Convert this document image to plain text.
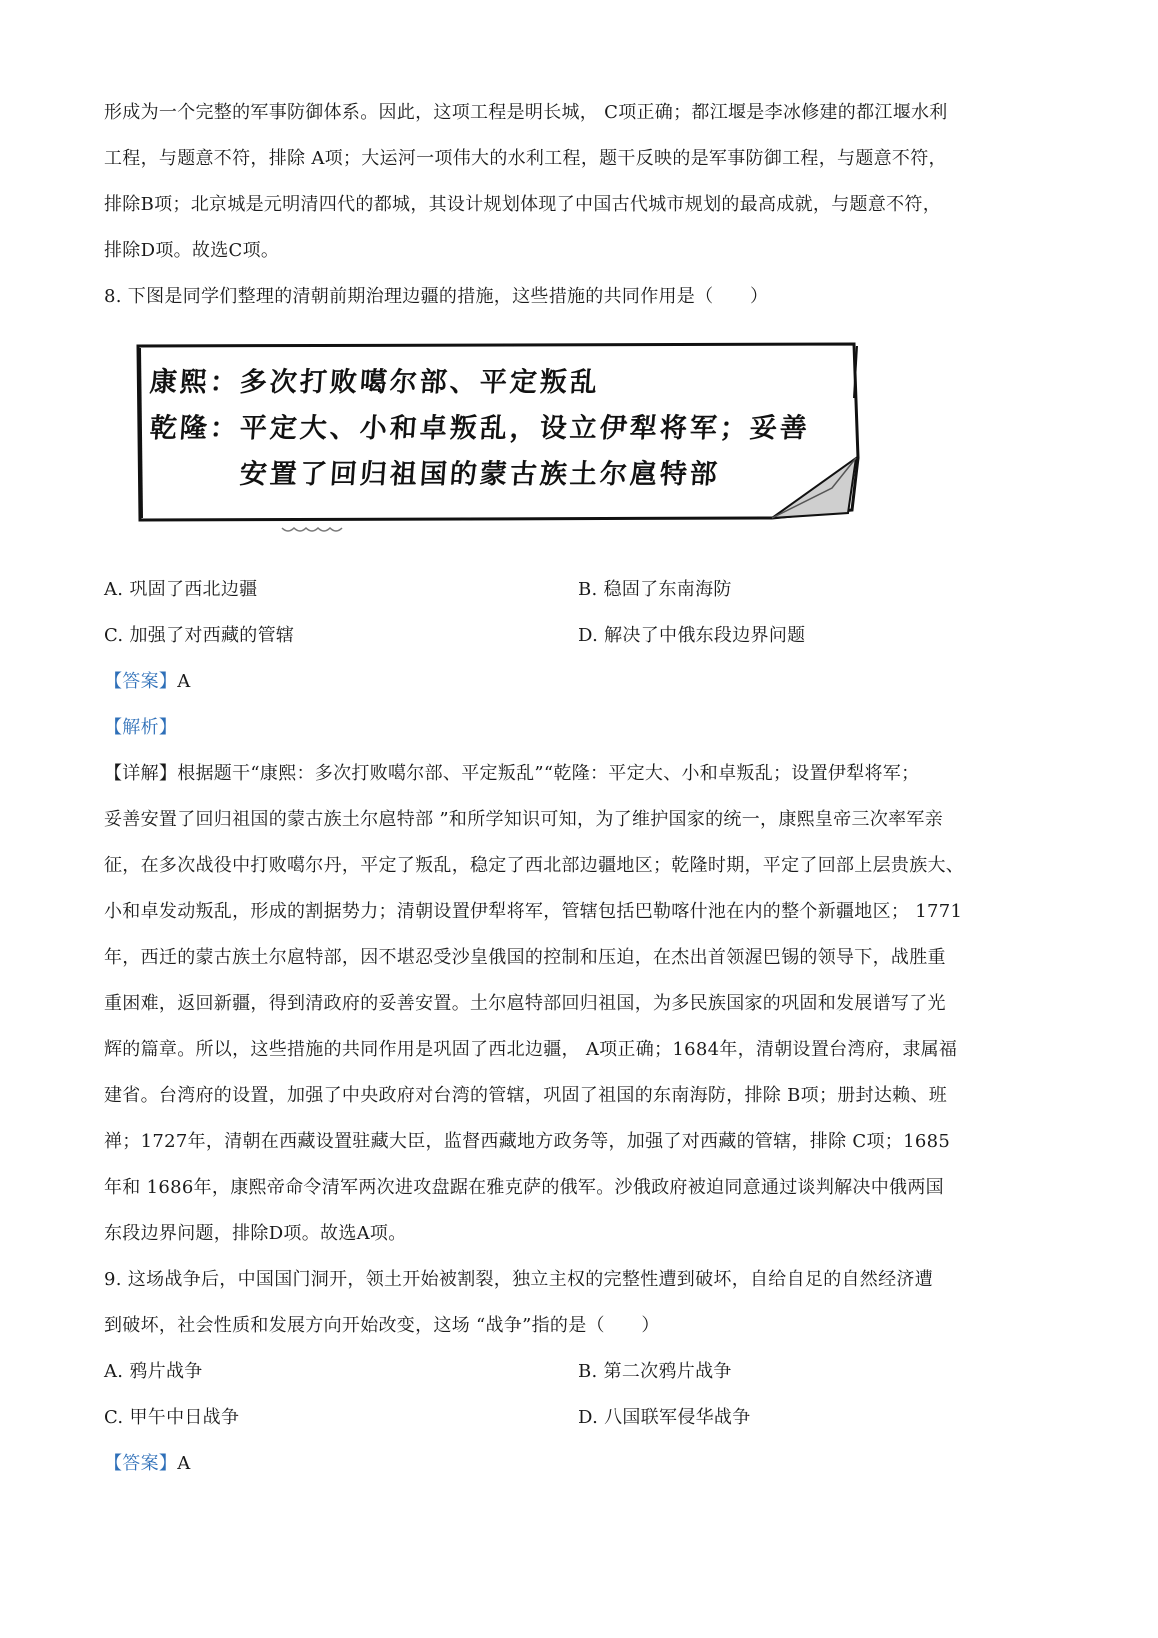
形成为一个完整的军事防御体系。因此，这项工程是明长城， C项正确；都江堰是李冰修建的都江堰水利
工程，与题意不符，排除 A项；大运河一项伟大的水利工程，题干反映的是军事防御工程，与题意不符，
排除B项；北京城是元明清四代的都城，其设计规划体现了中国古代城市规划的最高成就，与题意不符，
排除D项。故选C项。
8. 下图是同学们整理的清朝前期治理边疆的措施，这些措施的共同作用是（　　）
康熙：多次打败噶尔部、平定叛乱
乾隆：平定大、小和卓叛乱，设立伊犁将军；妥善
安置了回归祖国的蒙古族土尔扈特部
A. 巩固了西北边疆	B. 稳固了东南海防
C. 加强了对西藏的管辖	D. 解决了中俄东段边界问题
【答案】A
【解析】
【详解】根据题干“康熙：多次打败噶尔部、平定叛乱”“乾隆：平定大、小和卓叛乱；设置伊犁将军；
妥善安置了回归祖国的蒙古族土尔扈特部 ”和所学知识可知，为了维护国家的统一，康熙皇帝三次率军亲
征，在多次战役中打败噶尔丹，平定了叛乱，稳定了西北部边疆地区；乾隆时期，平定了回部上层贵族大、
小和卓发动叛乱，形成的割据势力；清朝设置伊犁将军，管辖包括巴勒喀什池在内的整个新疆地区； 1771
年，西迁的蒙古族土尔扈特部，因不堪忍受沙皇俄国的控制和压迫，在杰出首领渥巴锡的领导下，战胜重
重困难，返回新疆，得到清政府的妥善安置。土尔扈特部回归祖国，为多民族国家的巩固和发展谱写了光
辉的篇章。所以，这些措施的共同作用是巩固了西北边疆， A项正确；1684年，清朝设置台湾府，隶属福
建省。台湾府的设置，加强了中央政府对台湾的管辖，巩固了祖国的东南海防，排除 B项；册封达赖、班
禅；1727年，清朝在西藏设置驻藏大臣，监督西藏地方政务等，加强了对西藏的管辖，排除 C项；1685
年和 1686年，康熙帝命令清军两次进攻盘踞在雅克萨的俄军。沙俄政府被迫同意通过谈判解决中俄两国
东段边界问题，排除D项。故选A项。
9. 这场战争后，中国国门洞开，领土开始被割裂，独立主权的完整性遭到破坏，自给自足的自然经济遭
到破坏，社会性质和发展方向开始改变，这场 “战争”指的是（　　）
A. 鸦片战争	B. 第二次鸦片战争
C. 甲午中日战争	D. 八国联军侵华战争
【答案】A
